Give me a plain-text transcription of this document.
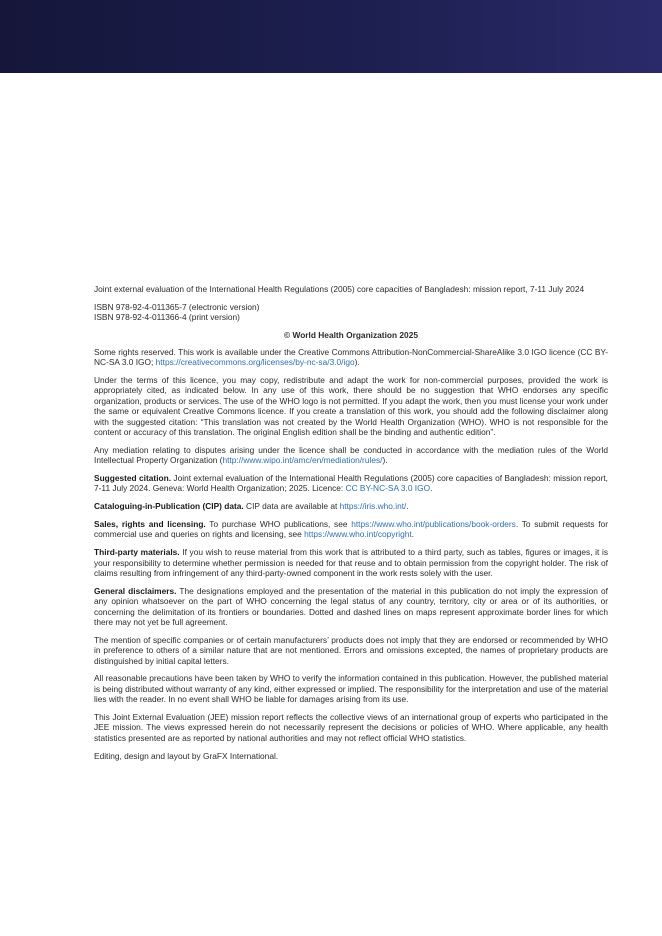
Joint external evaluation of the International Health Regulations (2005) core capacities of Bangladesh: mission report, 7-11 July 2024

ISBN 978-92-4-011365-7 (electronic version)
ISBN 978-92-4-011366-4 (print version)

© World Health Organization 2025

Some rights reserved. This work is available under the Creative Commons Attribution-NonCommercial-ShareAlike 3.0 IGO licence (CC BY-NC-SA 3.0 IGO; https://creativecommons.org/licenses/by-nc-sa/3.0/igo).

Under the terms of this licence, you may copy, redistribute and adapt the work for non-commercial purposes, provided the work is appropriately cited, as indicated below. In any use of this work, there should be no suggestion that WHO endorses any specific organization, products or services. The use of the WHO logo is not permitted. If you adapt the work, then you must license your work under the same or equivalent Creative Commons licence. If you create a translation of this work, you should add the following disclaimer along with the suggested citation: “This translation was not created by the World Health Organization (WHO). WHO is not responsible for the content or accuracy of this translation. The original English edition shall be the binding and authentic edition”.

Any mediation relating to disputes arising under the licence shall be conducted in accordance with the mediation rules of the World Intellectual Property Organization (http://www.wipo.int/amc/en/mediation/rules/).

Suggested citation. Joint external evaluation of the International Health Regulations (2005) core capacities of Bangladesh: mission report, 7-11 July 2024. Geneva: World Health Organization; 2025. Licence: CC BY-NC-SA 3.0 IGO.

Cataloguing-in-Publication (CIP) data. CIP data are available at https://iris.who.int/.

Sales, rights and licensing. To purchase WHO publications, see https://www.who.int/publications/book-orders. To submit requests for commercial use and queries on rights and licensing, see https://www.who.int/copyright.

Third-party materials. If you wish to reuse material from this work that is attributed to a third party, such as tables, figures or images, it is your responsibility to determine whether permission is needed for that reuse and to obtain permission from the copyright holder. The risk of claims resulting from infringement of any third-party-owned component in the work rests solely with the user.

General disclaimers. The designations employed and the presentation of the material in this publication do not imply the expression of any opinion whatsoever on the part of WHO concerning the legal status of any country, territory, city or area or of its authorities, or concerning the delimitation of its frontiers or boundaries. Dotted and dashed lines on maps represent approximate border lines for which there may not yet be full agreement.

The mention of specific companies or of certain manufacturers’ products does not imply that they are endorsed or recommended by WHO in preference to others of a similar nature that are not mentioned. Errors and omissions excepted, the names of proprietary products are distinguished by initial capital letters.

All reasonable precautions have been taken by WHO to verify the information contained in this publication. However, the published material is being distributed without warranty of any kind, either expressed or implied. The responsibility for the interpretation and use of the material lies with the reader. In no event shall WHO be liable for damages arising from its use.

This Joint External Evaluation (JEE) mission report reflects the collective views of an international group of experts who participated in the JEE mission. The views expressed herein do not necessarily represent the decisions or policies of WHO. Where applicable, any health statistics presented are as reported by national authorities and may not reflect official WHO statistics.

Editing, design and layout by GraFX International.
